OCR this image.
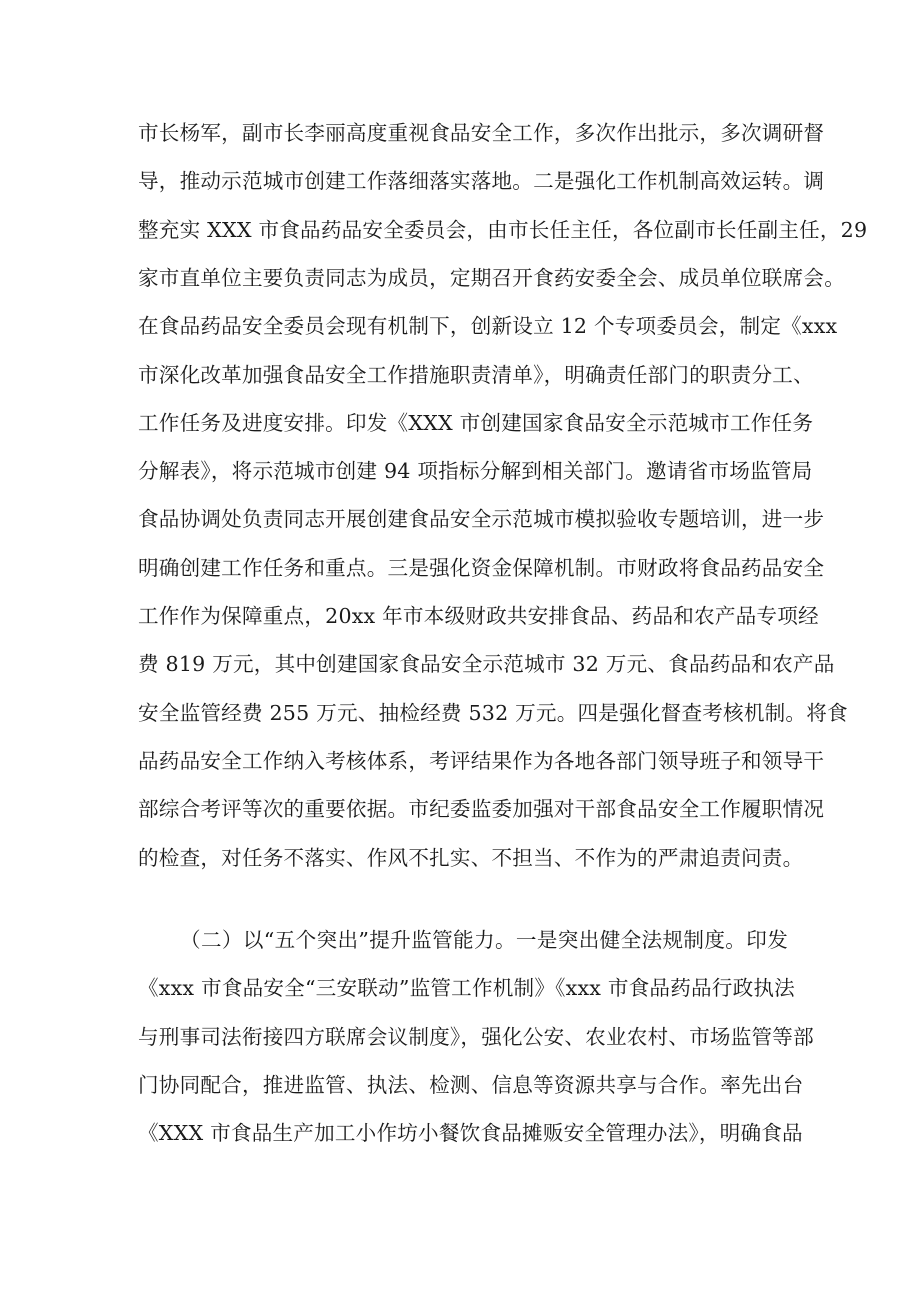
市长杨军，副市长李丽高度重视食品安全工作，多次作出批示，多次调研督
导，推动示范城市创建工作落细落实落地。二是强化工作机制高效运转。调
整充实 XXX 市食品药品安全委员会，由市长任主任，各位副市长任副主任，29
家市直单位主要负责同志为成员，定期召开食药安委全会、成员单位联席会。
在食品药品安全委员会现有机制下，创新设立 12 个专项委员会，制定《xxx
市深化改革加强食品安全工作措施职责清单》，明确责任部门的职责分工、
工作任务及进度安排。印发《XXX 市创建国家食品安全示范城市工作任务
分解表》，将示范城市创建 94 项指标分解到相关部门。邀请省市场监管局
食品协调处负责同志开展创建食品安全示范城市模拟验收专题培训，进一步
明确创建工作任务和重点。三是强化资金保障机制。市财政将食品药品安全
工作作为保障重点，20xx 年市本级财政共安排食品、药品和农产品专项经
费 819 万元，其中创建国家食品安全示范城市 32 万元、食品药品和农产品
安全监管经费 255 万元、抽检经费 532 万元。四是强化督查考核机制。将食
品药品安全工作纳入考核体系，考评结果作为各地各部门领导班子和领导干
部综合考评等次的重要依据。市纪委监委加强对干部食品安全工作履职情况
的检查，对任务不落实、作风不扎实、不担当、不作为的严肃追责问责。
（二）以“五个突出”提升监管能力。一是突出健全法规制度。印发
《xxx 市食品安全“三安联动”监管工作机制》《xxx 市食品药品行政执法
与刑事司法衔接四方联席会议制度》，强化公安、农业农村、市场监管等部
门协同配合，推进监管、执法、检测、信息等资源共享与合作。率先出台
《XXX 市食品生产加工小作坊小餐饮食品摊贩安全管理办法》，明确食品
